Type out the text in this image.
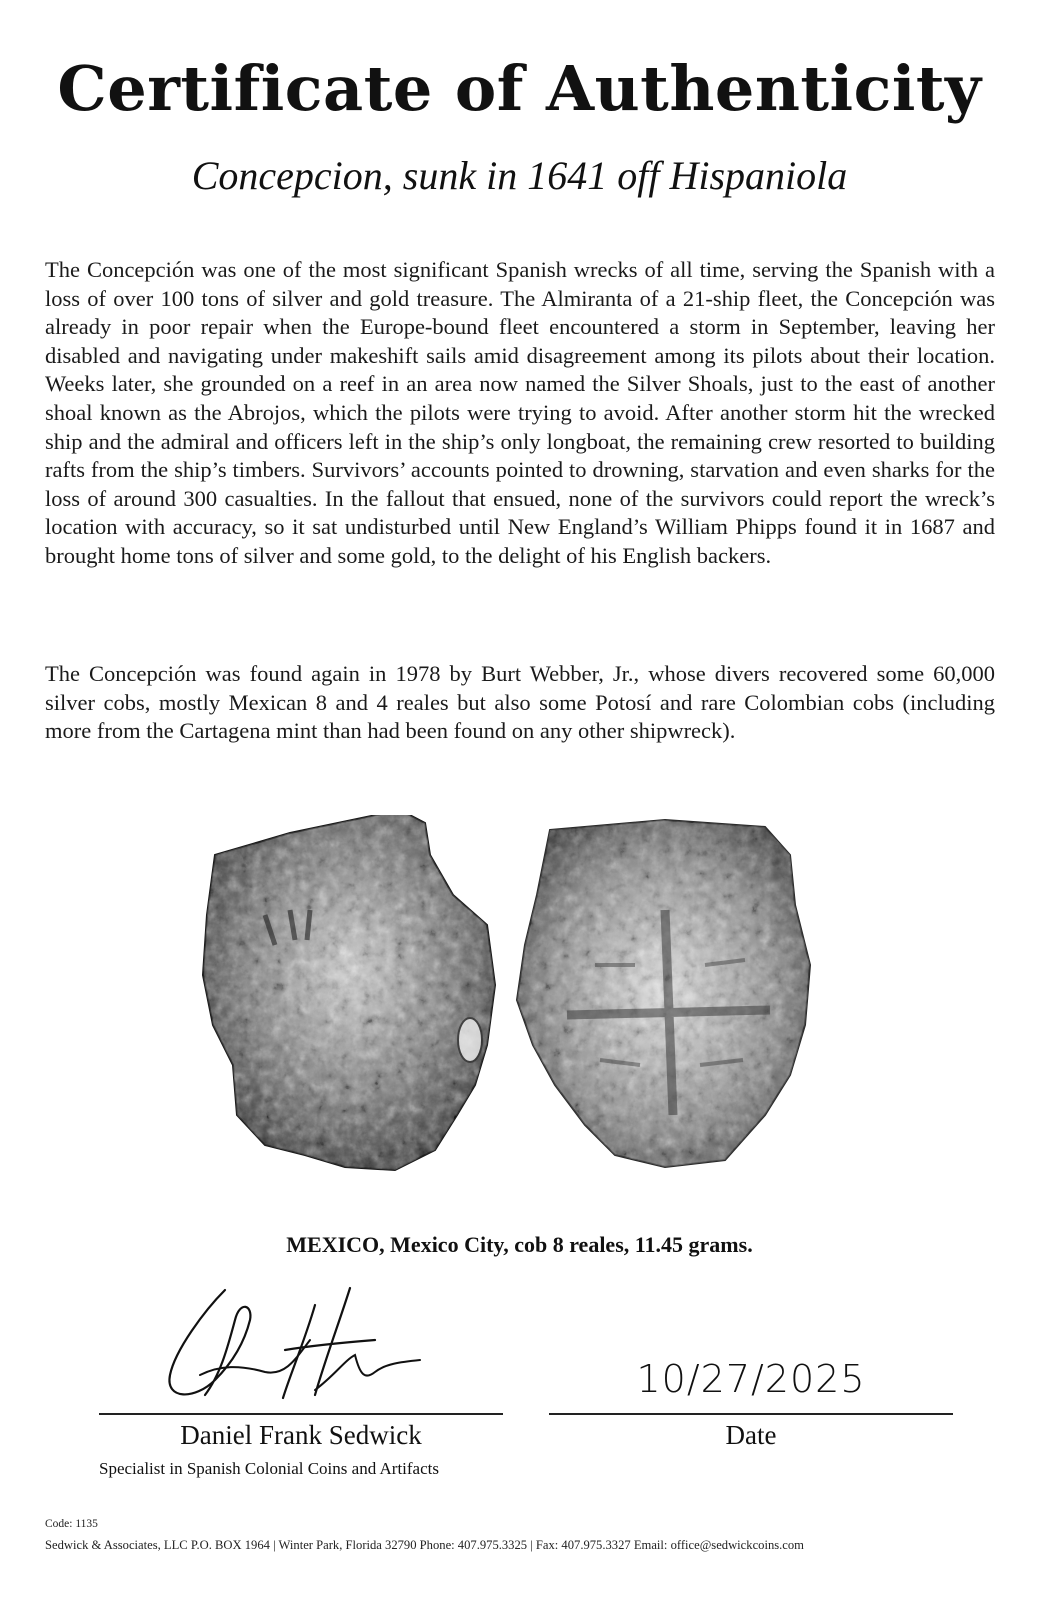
Certificate of Authenticity
Concepcion, sunk in 1641 off Hispaniola

The Concepción was one of the most significant Spanish wrecks of all time, serving the Spanish with a loss of over 100 tons of silver and gold treasure. The Almiranta of a 21-ship fleet, the Concepción was already in poor repair when the Europe-bound fleet encountered a storm in September, leaving her disabled and navigating under makeshift sails amid disagreement among its pilots about their location. Weeks later, she grounded on a reef in an area now named the Silver Shoals, just to the east of another shoal known as the Abrojos, which the pilots were trying to avoid. After another storm hit the wrecked ship and the admiral and officers left in the ship’s only longboat, the remaining crew resorted to building rafts from the ship’s timbers. Survivors’ accounts pointed to drowning, starvation and even sharks for the loss of around 300 casualties. In the fallout that ensued, none of the survivors could report the wreck’s location with accuracy, so it sat undisturbed until New England’s William Phipps found it in 1687 and brought home tons of silver and some gold, to the delight of his English backers.

The Concepción was found again in 1978 by Burt Webber, Jr., whose divers recovered some 60,000 silver cobs, mostly Mexican 8 and 4 reales but also some Potosí and rare Colombian cobs (including more from the Cartagena mint than had been found on any other shipwreck).

MEXICO, Mexico City, cob 8 reales, 11.45 grams.
10/27/2025
Daniel Frank Sedwick
Specialist in Spanish Colonial Coins and Artifacts
Date
Code: 1135
Sedwick & Associates, LLC P.O. BOX 1964 | Winter Park, Florida 32790 Phone: 407.975.3325 | Fax: 407.975.3327 Email: office@sedwickcoins.com
